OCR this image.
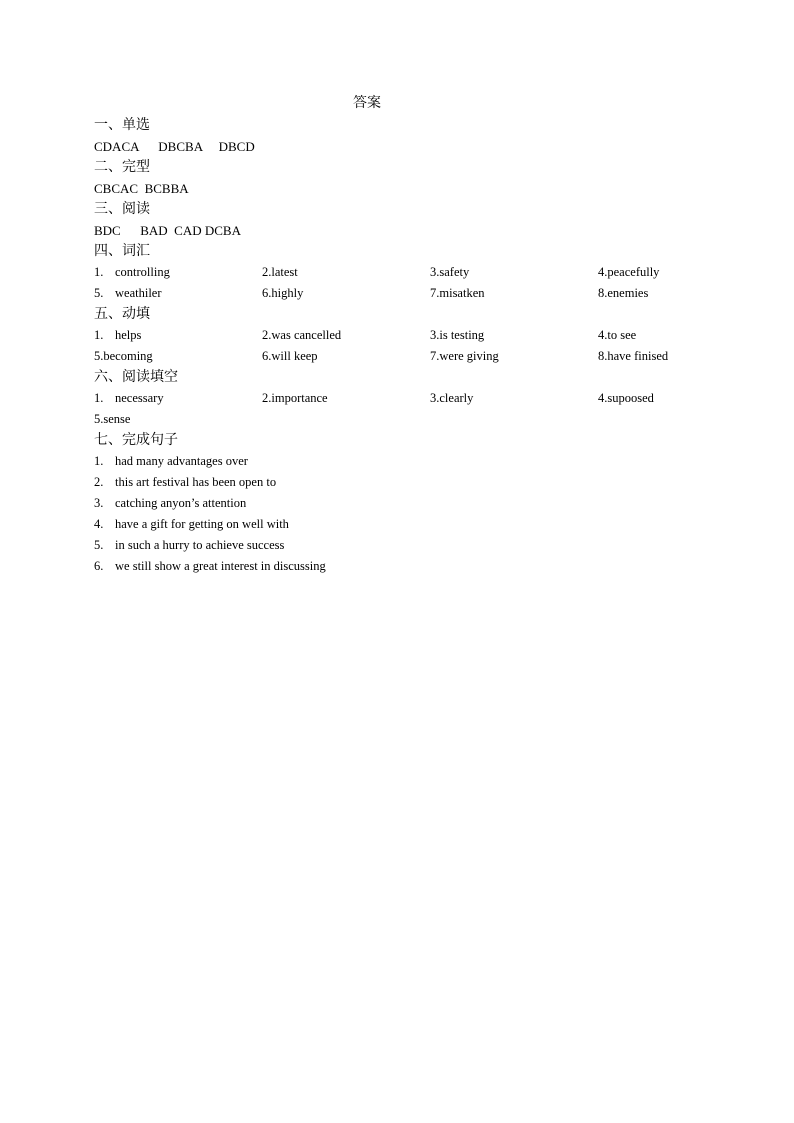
答案
一、单选
CDACA      DBCBA     DBCD
二、完型
CBCAC  BCBBA
三、阅读
BDC      BAD  CAD DCBA
四、词汇
1. controlling	2.latest	3.safety	4.peacefully
5. weathiler	6.highly	7.misatken	8.enemies
五、动填
1. helps	2.was cancelled	3.is testing	4.to see
5.becoming	6.will keep	7.were giving	8.have finised
六、阅读填空
1. necessary	2.importance	3.clearly	4.supoosed
5.sense
七、完成句子
1. had many advantages over
2. this art festival has been open to
3. catching anyon’s attention
4. have a gift for getting on well with
5. in such a hurry to achieve success
6. we still show a great interest in discussing
